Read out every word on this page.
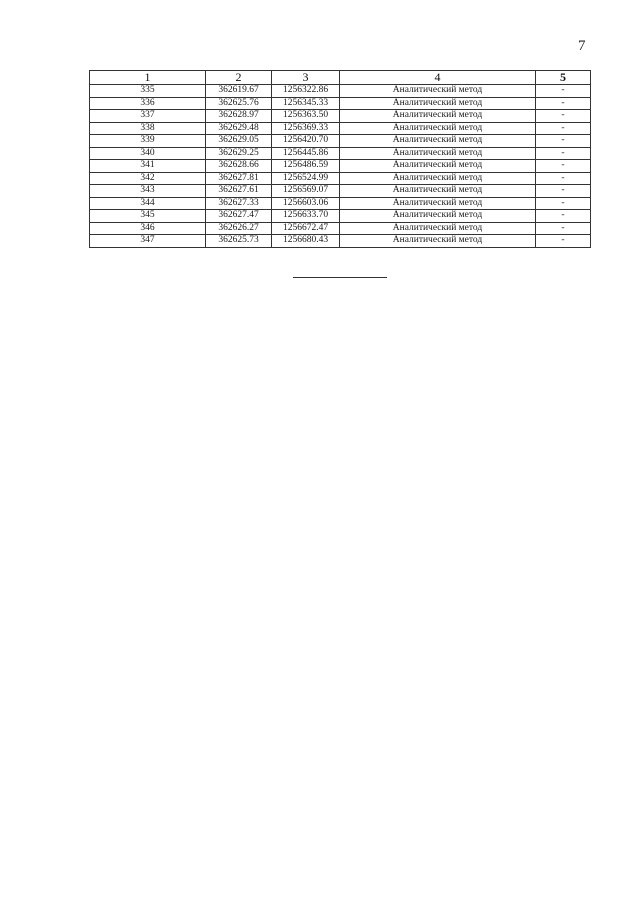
7
1	2	3	4	5
335	362619.67	1256322.86	Аналитический метод	-
336	362625.76	1256345.33	Аналитический метод	-
337	362628.97	1256363.50	Аналитический метод	-
338	362629.48	1256369.33	Аналитический метод	-
339	362629.05	1256420.70	Аналитический метод	-
340	362629.25	1256445.86	Аналитический метод	-
341	362628.66	1256486.59	Аналитический метод	-
342	362627.81	1256524.99	Аналитический метод	-
343	362627.61	1256569.07	Аналитический метод	-
344	362627.33	1256603.06	Аналитический метод	-
345	362627.47	1256633.70	Аналитический метод	-
346	362626.27	1256672.47	Аналитический метод	-
347	362625.73	1256680.43	Аналитический метод	-
